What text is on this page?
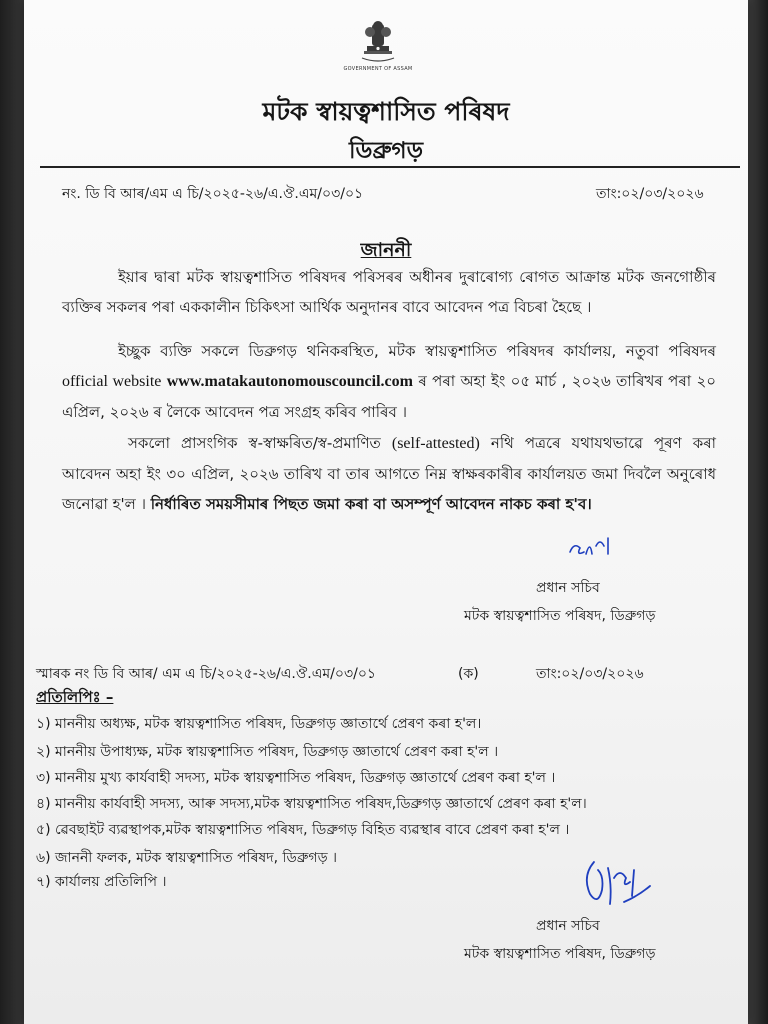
GOVERNMENT OF ASSAM
মটক স্বায়ত্বশাসিত পৰিষদ
ডিব্রুগড়
নং. ডি বি আৰ/এম এ চি/২০২৫-২৬/এ.ঔ.এম/০৩/০১	তাং:০২/০৩/২০২৬
জাননী
ইয়াৰ দ্বাৰা মটক স্বায়ত্বশাসিত পৰিষদৰ পৰিসৰৰ অধীনৰ দুৰাৰোগ্য ৰোগত আক্ৰান্ত মটক জনগোষ্ঠীৰ ব্যক্তিৰ সকলৰ পৰা এককালীন চিকিৎসা আৰ্থিক অনুদানৰ বাবে আবেদন পত্ৰ বিচৰা হৈছে ।
ইচ্ছুক ব্যক্তি সকলে ডিব্রুগড় থনিকৰস্থিত, মটক স্বায়ত্বশাসিত পৰিষদৰ কাৰ্যালয়, নতুবা পৰিষদৰ official website www.matakautonomouscouncil.com ৰ পৰা অহা ইং ০৫ মাৰ্চ , ২০২৬ তাৰিখৰ পৰা ২০ এপ্ৰিল, ২০২৬ ৰ লৈকে আবেদন পত্ৰ সংগ্ৰহ কৰিব পাৰিব ।
সকলো প্ৰাসংগিক স্ব-স্বাক্ষৰিত/স্ব-প্ৰমাণিত (self-attested) নথি পত্ৰৰে যথাযথভাৱে পূৰণ কৰা আবেদন অহা ইং ৩০ এপ্ৰিল, ২০২৬ তাৰিখ বা তাৰ আগতে নিম্ন স্বাক্ষৰকাৰীৰ কাৰ্যালয়ত জমা দিবলৈ অনুৰোধ জনোৱা হ'ল । নিৰ্ধাৰিত সময়সীমাৰ পিছত জমা কৰা বা অসম্পূৰ্ণ আবেদন নাকচ কৰা হ'ব।
প্ৰধান সচিব
মটক স্বায়ত্বশাসিত পৰিষদ, ডিব্রুগড়
স্মাৰক নং ডি বি আৰ/ এম এ চি/২০২৫-২৬/এ.ঔ.এম/০৩/০১	(ক)	তাং:০২/০৩/২০২৬
প্ৰতিলিপিঃ –
১) মাননীয় অধ্যক্ষ, মটক স্বায়ত্বশাসিত পৰিষদ, ডিব্রুগড় জ্ঞাতাৰ্থে প্ৰেৰণ কৰা হ'ল।
২) মাননীয় উপাধ্যক্ষ, মটক স্বায়ত্বশাসিত পৰিষদ, ডিব্রুগড় জ্ঞাতাৰ্থে প্ৰেৰণ কৰা হ'ল ।
৩) মাননীয় মুখ্য কাৰ্যবাহী সদস্য, মটক স্বায়ত্বশাসিত পৰিষদ, ডিব্রুগড় জ্ঞাতাৰ্থে প্ৰেৰণ কৰা হ'ল ।
৪) মাননীয় কাৰ্যবাহী সদস্য, আৰু সদস্য,মটক স্বায়ত্বশাসিত পৰিষদ,ডিব্রুগড় জ্ঞাতাৰ্থে প্ৰেৰণ কৰা হ'ল।
৫) ৱেবছাইট ব্যৱস্থাপক,মটক স্বায়ত্বশাসিত পৰিষদ, ডিব্রুগড় বিহিত ব্যৱস্থাৰ বাবে প্ৰেৰণ কৰা হ'ল ।
৬) জাননী ফলক, মটক স্বায়ত্বশাসিত পৰিষদ, ডিব্রুগড় ।
৭) কাৰ্যালয় প্ৰতিলিপি ।
প্ৰধান সচিব
মটক স্বায়ত্বশাসিত পৰিষদ, ডিব্রুগড়
